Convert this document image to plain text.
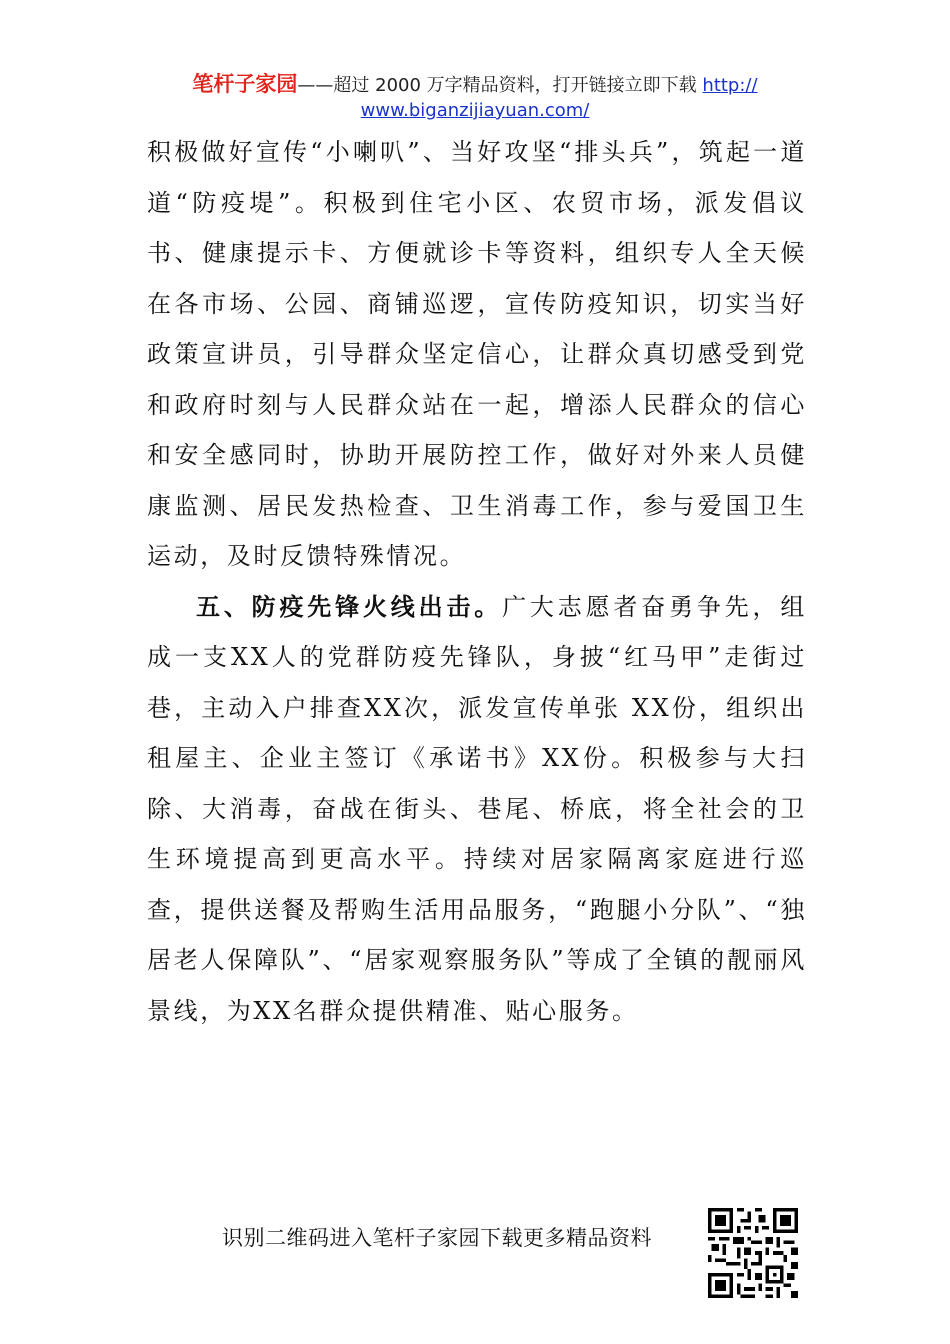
笔杆子家园——超过 2000 万字精品资料，打开链接立即下载 http://
www.biganzijiayuan.com/

积极做好宣传“小喇叭”、当好攻坚“排头兵”，筑起一道道“防疫堤”。积极到住宅小区、农贸市场，派发倡议书、健康提示卡、方便就诊卡等资料，组织专人全天候在各市场、公园、商铺巡逻，宣传防疫知识，切实当好政策宣讲员，引导群众坚定信心，让群众真切感受到党和政府时刻与人民群众站在一起，增添人民群众的信心和安全感同时，协助开展防控工作，做好对外来人员健康监测、居民发热检查、卫生消毒工作，参与爱国卫生运动，及时反馈特殊情况。

五、防疫先锋火线出击。广大志愿者奋勇争先，组成一支XX人的党群防疫先锋队，身披“红马甲”走街过巷，主动入户排查XX次，派发宣传单张 XX份，组织出租屋主、企业主签订《承诺书》XX份。积极参与大扫除、大消毒，奋战在街头、巷尾、桥底，将全社会的卫生环境提高到更高水平。持续对居家隔离家庭进行巡查，提供送餐及帮购生活用品服务，“跑腿小分队”、“独居老人保障队”、“居家观察服务队”等成了全镇的靓丽风景线，为XX名群众提供精准、贴心服务。

识别二维码进入笔杆子家园下载更多精品资料
